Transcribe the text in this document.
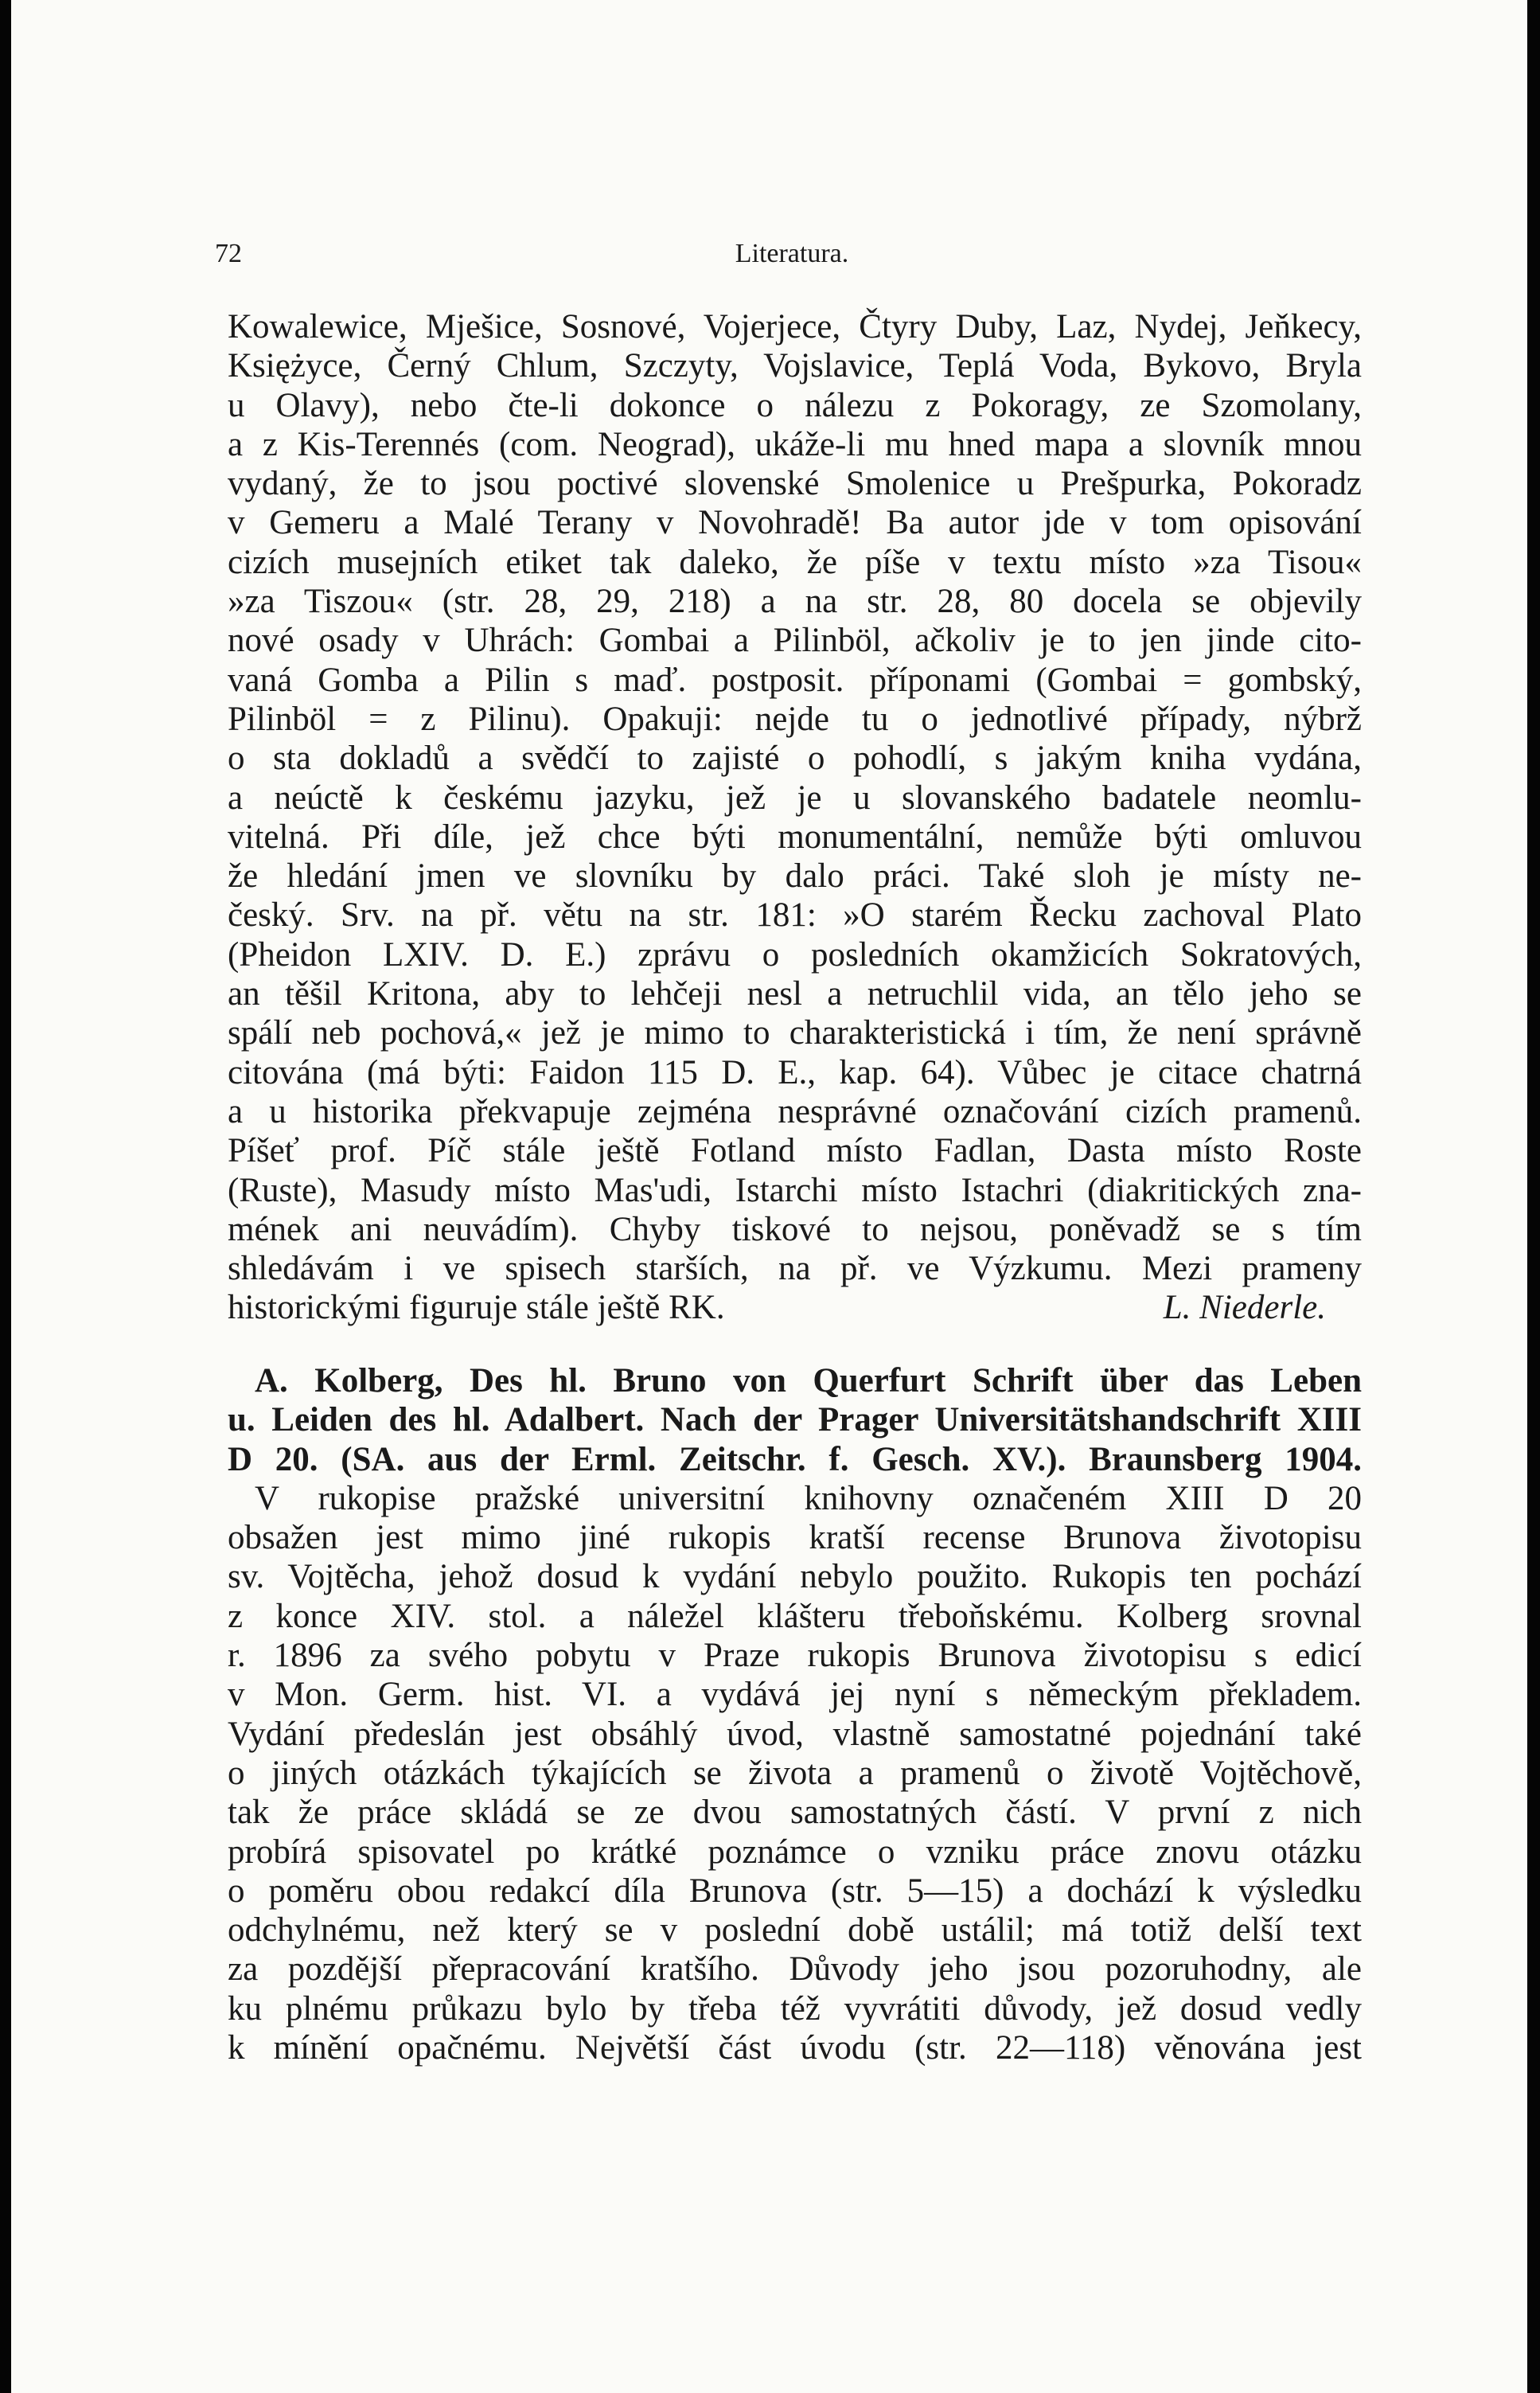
72	Literatura.
Kowalewice, Mješice, Sosnové, Vojerjece, Čtyry Duby, Laz, Nydej, Jeňkecy,
Księżyce, Černý Chlum, Szczyty, Vojslavice, Teplá Voda, Bykovo, Bryla
u Olavy), nebo čte-li dokonce o nálezu z Pokoragy, ze Szomolany,
a z Kis-Terennés (com. Neograd), ukáže-li mu hned mapa a slovník mnou
vydaný, že to jsou poctivé slovenské Smolenice u Prešpurka, Pokoradz
v Gemeru a Malé Terany v Novohradě! Ba autor jde v tom opisování
cizích musejních etiket tak daleko, že píše v textu místo »za Tisou«
»za Tiszou« (str. 28, 29, 218) a na str. 28, 80 docela se objevily
nové osady v Uhrách: Gombai a Pilinböl, ačkoliv je to jen jinde cito-
vaná Gomba a Pilin s maď. postposit. příponami (Gombai = gombský,
Pilinböl = z Pilinu). Opakuji: nejde tu o jednotlivé případy, nýbrž
o sta dokladů a svědčí to zajisté o pohodlí, s jakým kniha vydána,
a neúctě k českému jazyku, jež je u slovanského badatele neomlu-
vitelná. Při díle, jež chce býti monumentální, nemůže býti omluvou
že hledání jmen ve slovníku by dalo práci. Také sloh je místy ne-
český. Srv. na př. větu na str. 181: »O starém Řecku zachoval Plato
(Pheidon LXIV. D. E.) zprávu o posledních okamžicích Sokratových,
an těšil Kritona, aby to lehčeji nesl a netruchlil vida, an tělo jeho se
spálí neb pochová,« jež je mimo to charakteristická i tím, že není správně
citována (má býti: Faidon 115 D. E., kap. 64). Vůbec je citace chatrná
a u historika překvapuje zejména nesprávné označování cizích pramenů.
Píšeť prof. Píč stále ještě Fotland místo Fadlan, Dasta místo Roste
(Ruste), Masudy místo Mas'udi, Istarchi místo Istachri (diakritických zna-
mének ani neuvádím). Chyby tiskové to nejsou, poněvadž se s tím
shledávám i ve spisech starších, na př. ve Výzkumu. Mezi prameny
historickými figuruje stále ještě RK.	L. Niederle.
A. Kolberg, Des hl. Bruno von Querfurt Schrift über das Leben
u. Leiden des hl. Adalbert. Nach der Prager Universitätshandschrift XIII
D 20. (SA. aus der Erml. Zeitschr. f. Gesch. XV.). Braunsberg 1904.
V rukopise pražské universitní knihovny označeném XIII D 20
obsažen jest mimo jiné rukopis kratší recense Brunova životopisu
sv. Vojtěcha, jehož dosud k vydání nebylo použito. Rukopis ten pochází
z konce XIV. stol. a náležel klášteru třeboňskému. Kolberg srovnal
r. 1896 za svého pobytu v Praze rukopis Brunova životopisu s edicí
v Mon. Germ. hist. VI. a vydává jej nyní s německým překladem.
Vydání předeslán jest obsáhlý úvod, vlastně samostatné pojednání také
o jiných otázkách týkajících se života a pramenů o životě Vojtěchově,
tak že práce skládá se ze dvou samostatných částí. V první z nich
probírá spisovatel po krátké poznámce o vzniku práce znovu otázku
o poměru obou redakcí díla Brunova (str. 5—15) a dochází k výsledku
odchylnému, než který se v poslední době ustálil; má totiž delší text
za pozdější přepracování kratšího. Důvody jeho jsou pozoruhodny, ale
ku plnému průkazu bylo by třeba též vyvrátiti důvody, jež dosud vedly
k mínění opačnému. Největší část úvodu (str. 22—118) věnována jest
